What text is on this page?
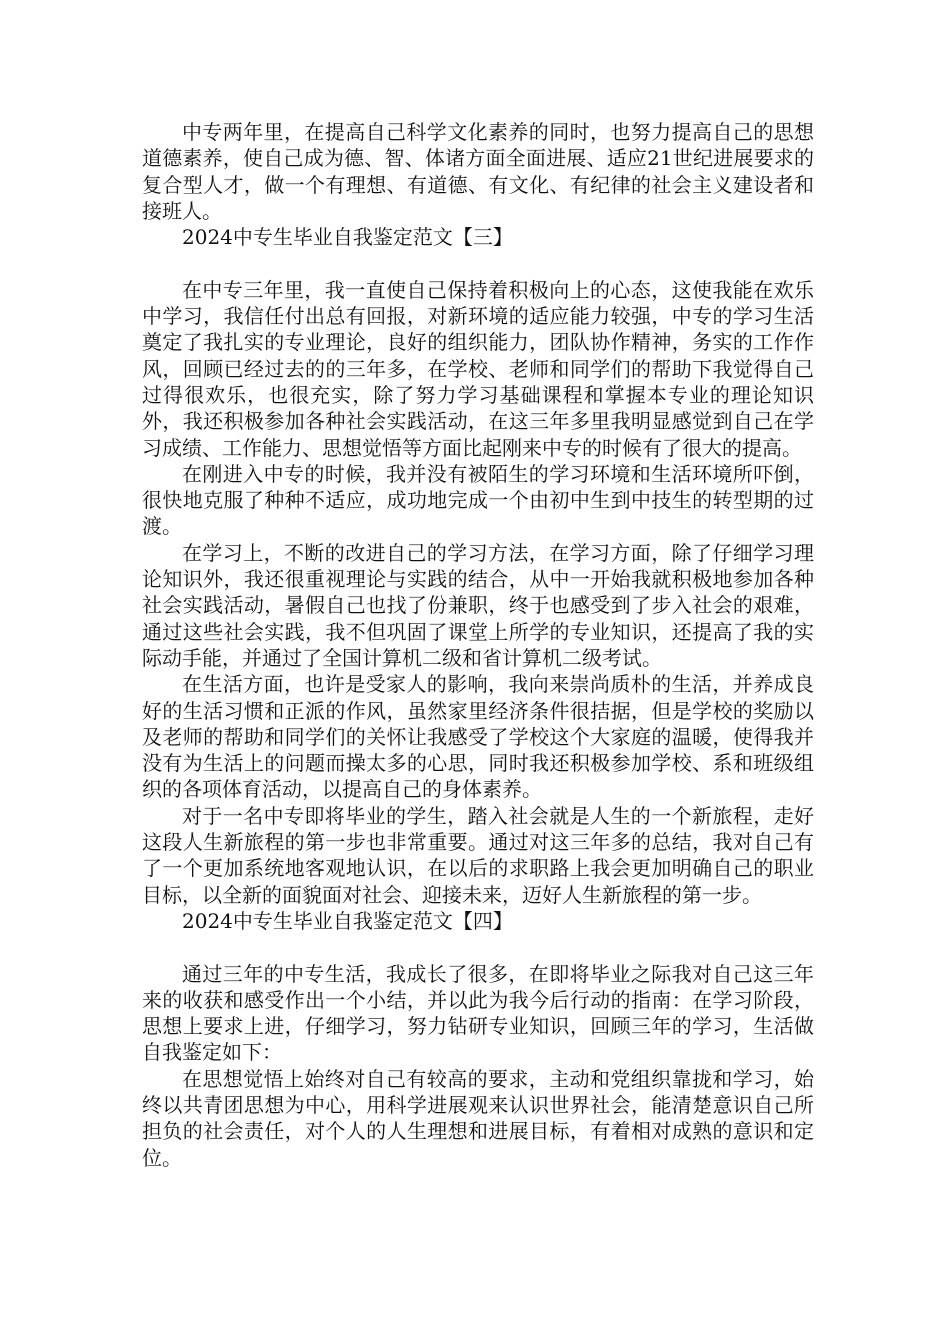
中专两年里，在提高自己科学文化素养的同时，也努力提高自己的思想道德素养，使自己成为德、智、体诸方面全面进展、适应21世纪进展要求的复合型人才，做一个有理想、有道德、有文化、有纪律的社会主义建设者和接班人。

2024中专生毕业自我鉴定范文【三】

在中专三年里，我一直使自己保持着积极向上的心态，这使我能在欢乐中学习，我信任付出总有回报，对新环境的适应能力较强，中专的学习生活奠定了我扎实的专业理论，良好的组织能力，团队协作精神，务实的工作作风，回顾已经过去的的三年多，在学校、老师和同学们的帮助下我觉得自己过得很欢乐，也很充实，除了努力学习基础课程和掌握本专业的理论知识外，我还积极参加各种社会实践活动，在这三年多里我明显感觉到自己在学习成绩、工作能力、思想觉悟等方面比起刚来中专的时候有了很大的提高。

在刚进入中专的时候，我并没有被陌生的学习环境和生活环境所吓倒，很快地克服了种种不适应，成功地完成一个由初中生到中技生的转型期的过渡。

在学习上，不断的改进自己的学习方法，在学习方面，除了仔细学习理论知识外，我还很重视理论与实践的结合，从中一开始我就积极地参加各种社会实践活动，暑假自己也找了份兼职，终于也感受到了步入社会的艰难，通过这些社会实践，我不但巩固了课堂上所学的专业知识，还提高了我的实际动手能，并通过了全国计算机二级和省计算机二级考试。

在生活方面，也许是受家人的影响，我向来崇尚质朴的生活，并养成良好的生活习惯和正派的作风，虽然家里经济条件很拮据，但是学校的奖励以及老师的帮助和同学们的关怀让我感受了学校这个大家庭的温暖，使得我并没有为生活上的问题而操太多的心思，同时我还积极参加学校、系和班级组织的各项体育活动，以提高自己的身体素养。

对于一名中专即将毕业的学生，踏入社会就是人生的一个新旅程，走好这段人生新旅程的第一步也非常重要。通过对这三年多的总结，我对自己有了一个更加系统地客观地认识，在以后的求职路上我会更加明确自己的职业目标，以全新的面貌面对社会、迎接未来，迈好人生新旅程的第一步。

2024中专生毕业自我鉴定范文【四】

通过三年的中专生活，我成长了很多，在即将毕业之际我对自己这三年来的收获和感受作出一个小结，并以此为我今后行动的指南：在学习阶段，思想上要求上进，仔细学习，努力钻研专业知识，回顾三年的学习，生活做自我鉴定如下：

在思想觉悟上始终对自己有较高的要求，主动和党组织靠拢和学习，始终以共青团思想为中心，用科学进展观来认识世界社会，能清楚意识自己所担负的社会责任，对个人的人生理想和进展目标，有着相对成熟的意识和定位。
